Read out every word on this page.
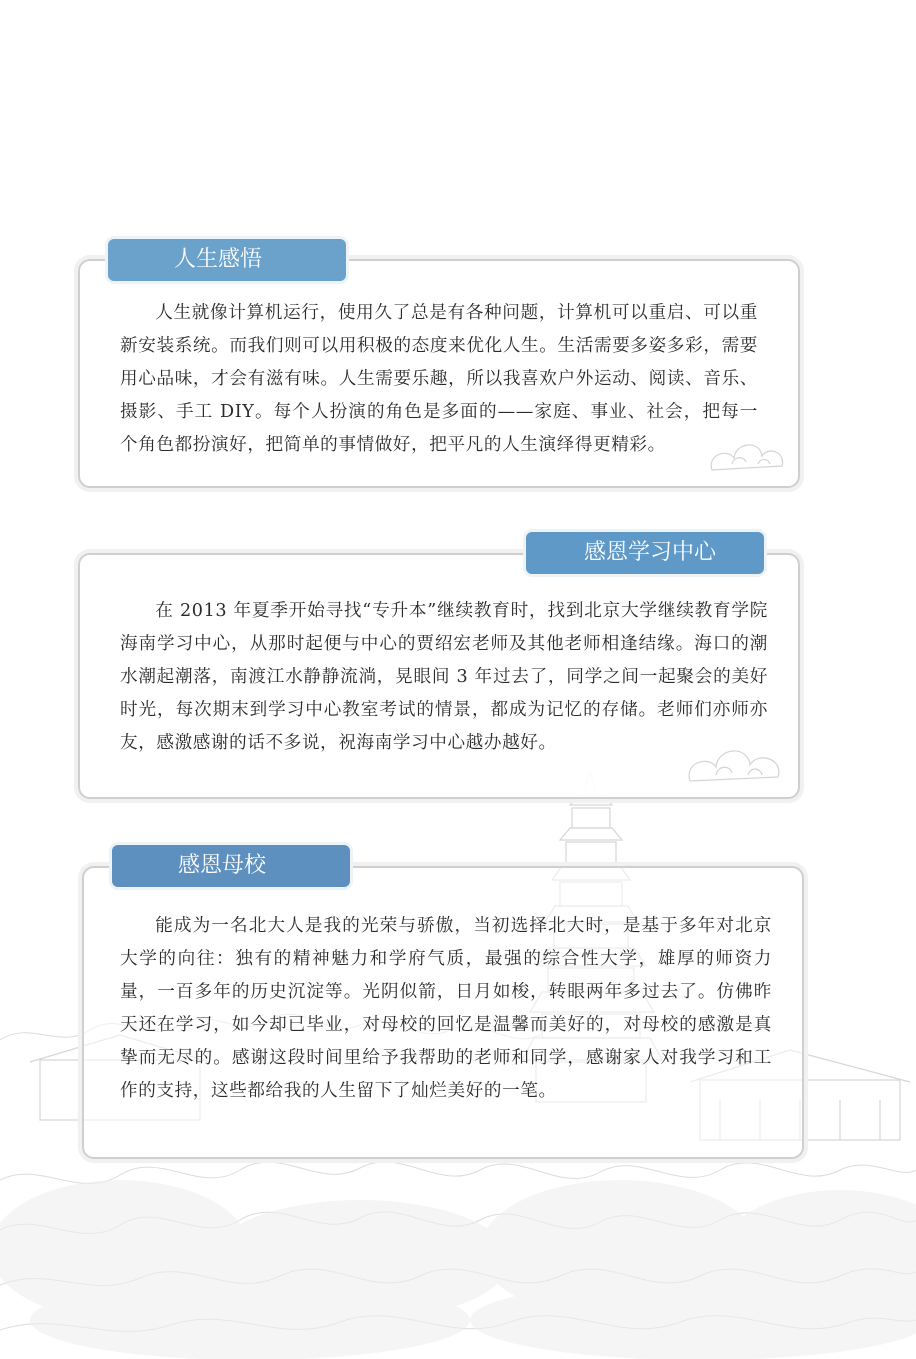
人生感悟

人生就像计算机运行，使用久了总是有各种问题，计算机可以重启、可以重新安装系统。而我们则可以用积极的态度来优化人生。生活需要多姿多彩，需要用心品味，才会有滋有味。人生需要乐趣，所以我喜欢户外运动、阅读、音乐、摄影、手工 DIY。每个人扮演的角色是多面的——家庭、事业、社会，把每一个角色都扮演好，把简单的事情做好，把平凡的人生演绎得更精彩。

感恩学习中心

在 2013 年夏季开始寻找“专升本”继续教育时，找到北京大学继续教育学院海南学习中心，从那时起便与中心的贾绍宏老师及其他老师相逢结缘。海口的潮水潮起潮落，南渡江水静静流淌，晃眼间 3 年过去了，同学之间一起聚会的美好时光，每次期末到学习中心教室考试的情景，都成为记忆的存储。老师们亦师亦友，感激感谢的话不多说，祝海南学习中心越办越好。

感恩母校

能成为一名北大人是我的光荣与骄傲，当初选择北大时，是基于多年对北京大学的向往：独有的精神魅力和学府气质，最强的综合性大学，雄厚的师资力量，一百多年的历史沉淀等。光阴似箭，日月如梭，转眼两年多过去了。仿佛昨天还在学习，如今却已毕业，对母校的回忆是温馨而美好的，对母校的感激是真挚而无尽的。感谢这段时间里给予我帮助的老师和同学，感谢家人对我学习和工作的支持，这些都给我的人生留下了灿烂美好的一笔。
